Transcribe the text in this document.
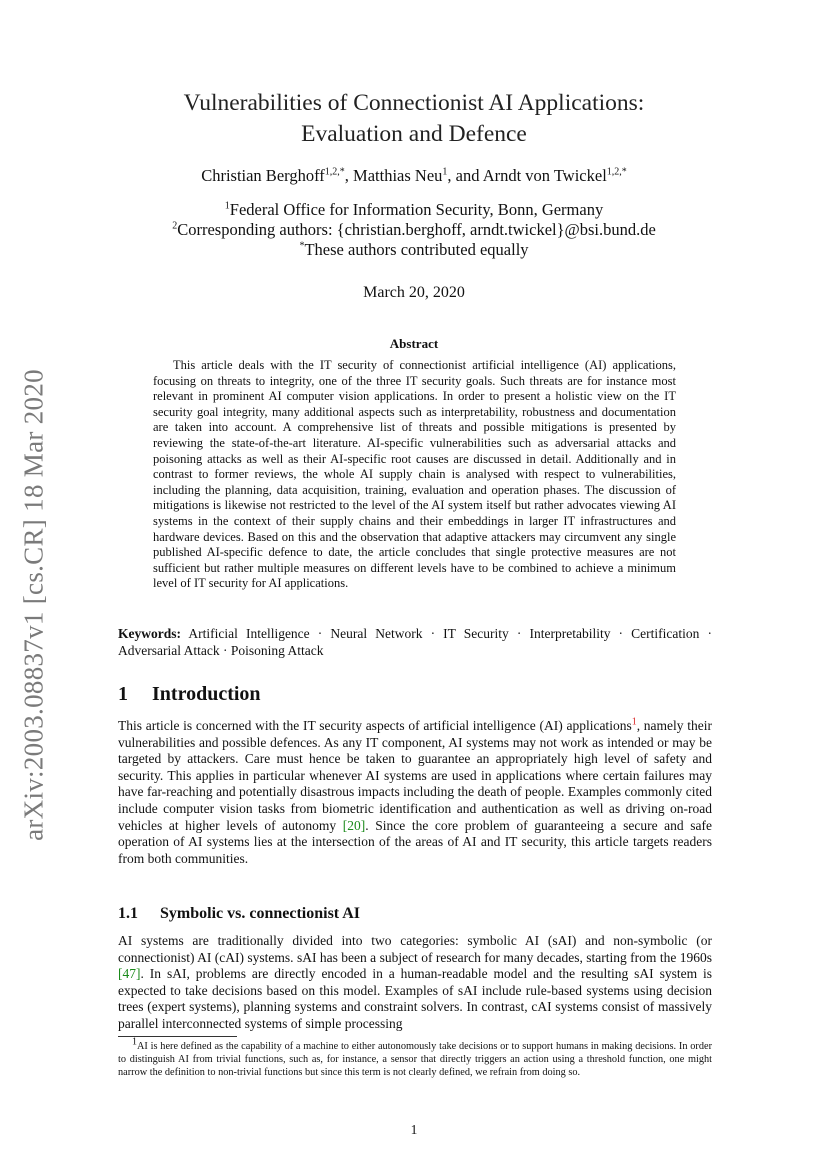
arXiv:2003.08837v1 [cs.CR] 18 Mar 2020
Vulnerabilities of Connectionist AI Applications:
Evaluation and Defence
Christian Berghoff$^{1,2,*}$, Matthias Neu$^1$, and Arndt von Twickel$^{1,2,*}$
$^1$Federal Office for Information Security, Bonn, Germany
$^2$Corresponding authors: {christian.berghoff, arndt.twickel}@bsi.bund.de
*These authors contributed equally
March 20, 2020
Abstract
This article deals with the IT security of connectionist artificial intelligence (AI) applications, focusing on threats to integrity, one of the three IT security goals. Such threats are for instance most relevant in prominent AI computer vision applications. In order to present a holistic view on the IT security goal integrity, many additional aspects such as interpretability, robustness and documentation are taken into account. A comprehensive list of threats and possible mitigations is presented by reviewing the state-of-the-art literature. AI-specific vulnerabilities such as adversarial attacks and poisoning attacks as well as their AI-specific root causes are discussed in detail. Additionally and in contrast to former reviews, the whole AI supply chain is analysed with respect to vulnerabilities, including the planning, data acquisition, training, evaluation and operation phases. The discussion of mitigations is likewise not restricted to the level of the AI system itself but rather advocates viewing AI systems in the context of their supply chains and their embeddings in larger IT infrastructures and hardware devices. Based on this and the observation that adaptive attackers may circumvent any single published AI-specific defence to date, the article concludes that single protective measures are not sufficient but rather multiple measures on different levels have to be combined to achieve a minimum level of IT security for AI applications.
Keywords: Artificial Intelligence · Neural Network · IT Security · Interpretability · Certification · Adversarial Attack · Poisoning Attack
1 Introduction
This article is concerned with the IT security aspects of artificial intelligence (AI) applications$^1$, namely their vulnerabilities and possible defences. As any IT component, AI systems may not work as intended or may be targeted by attackers. Care must hence be taken to guarantee an appropriately high level of safety and security. This applies in particular whenever AI systems are used in applications where certain failures may have far-reaching and potentially disastrous impacts including the death of people. Examples commonly cited include computer vision tasks from biometric identification and authentication as well as driving on-road vehicles at higher levels of autonomy [20]. Since the core problem of guaranteeing a secure and safe operation of AI systems lies at the intersection of the areas of AI and IT security, this article targets readers from both communities.
1.1 Symbolic vs. connectionist AI
AI systems are traditionally divided into two categories: symbolic AI (sAI) and non-symbolic (or connectionist) AI (cAI) systems. sAI has been a subject of research for many decades, starting from the 1960s [47]. In sAI, problems are directly encoded in a human-readable model and the resulting sAI system is expected to take decisions based on this model. Examples of sAI include rule-based systems using decision trees (expert systems), planning systems and constraint solvers. In contrast, cAI systems consist of massively parallel interconnected systems of simple processing
$^1$AI is here defined as the capability of a machine to either autonomously take decisions or to support humans in making decisions. In order to distinguish AI from trivial functions, such as, for instance, a sensor that directly triggers an action using a threshold function, one might narrow the definition to non-trivial functions but since this term is not clearly defined, we refrain from doing so.
1
